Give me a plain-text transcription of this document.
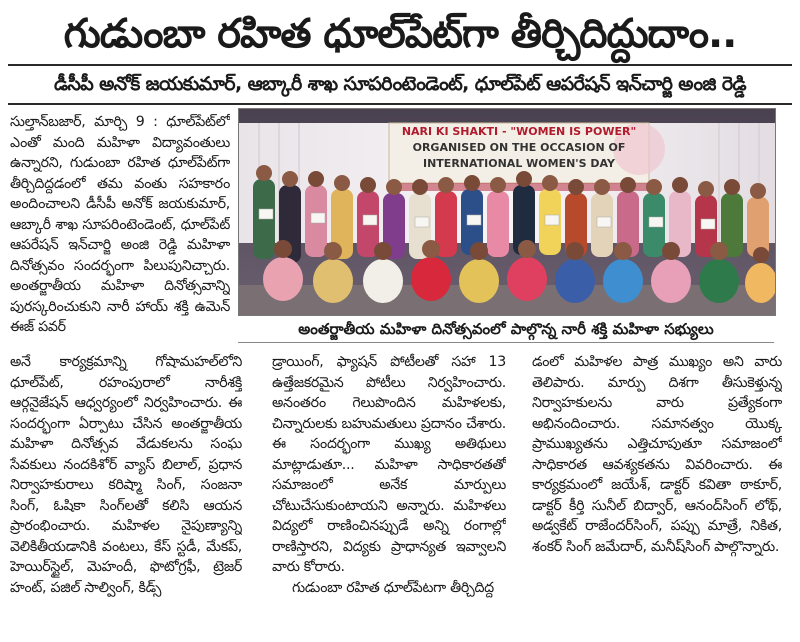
గుడుంబా రహిత ధూల్‌పేట్‌గా తీర్చిదిద్దుదాం..
డీసీపీ అనోక్ జయకుమార్, ఆబ్కారీ శాఖ సూపరింటెండెంట్, ధూల్‌పేట్ ఆపరేషన్ ఇన్‌చార్జి అంజి రెడ్డి

సుల్తాన్‌బజార్, మార్చి 9 : ధూల్‌పేట్‌లో ఎంతో మంది మహిళా విద్యావంతులు ఉన్నారని, గుడుంబా రహిత ధూల్‌పేట్‌గా తీర్చిదిద్దడంలో తమ వంతు సహకారం అందించాలని డీసీపీ అనోక్ జయకుమార్, ఆబ్కారీ శాఖ సూపరింటెండెంట్, ధూల్‌పేట్ ఆపరేషన్ ఇన్‌చార్జి అంజి రెడ్డి మహిళా దినోత్సవం సందర్భంగా పిలుపునిచ్చారు. అంతర్జాతీయ మహిళా దినోత్సవాన్ని పురస్కరించుకుని నారీ హాయ్ శక్తి ఉమెన్ ఈజ్ పవర్

NARI KI SHAKTI - "WOMEN IS POWER"
ORGANISED ON THE OCCASION OF
INTERNATIONAL WOMEN'S DAY
అంతర్జాతీయ మహిళా దినోత్సవంలో పాల్గొన్న నారీ శక్తి మహిళా సభ్యులు

అనే కార్యక్రమాన్ని గోషామహల్‌లోని ధూల్‌పేట్, రహంపురాలో నారీశక్తి ఆర్గనైజేషన్ ఆధ్వర్యంలో నిర్వహించారు. ఈ సందర్భంగా ఏర్పాటు చేసిన అంతర్జాతీయ మహిళా దినోత్సవ వేడుకలను సంఘ సేవకులు నందకిశోర్ వ్యాస్ బిలాల్, ప్రధాన నిర్వాహకురాలు కరిష్మా సింగ్, సంజనా సింగ్, ఓషికా సింగ్‌లతో కలిసి ఆయన ప్రారంభించారు. మహిళల నైపుణ్యాన్ని వెలికితీయడానికి వంటలు, కేస్ స్టడీ, మేకప్, హెయిర్‌స్టైల్, మెహందీ, ఫొటోగ్రఫీ, ట్రెజర్ హంట్, పజిల్ సాల్వింగ్, కిడ్స్

డ్రాయింగ్, ఫ్యాషన్ పోటీలతో సహా 13 ఉత్తేజకరమైన పోటీలు నిర్వహించారు. అనంతరం గెలుపొందిన మహిళలకు, చిన్నారులకు బహుమతులు ప్రదానం చేశారు. ఈ సందర్భంగా ముఖ్య అతిథులు మాట్లాడుతూ... మహిళా సాధికారతతో సమాజంలో అనేక మార్పులు చోటుచేసుకుంటాయని అన్నారు. మహిళలు విద్యలో రాణించినప్పుడే అన్ని రంగాల్లో రాణిస్తారని, విద్యకు ప్రాధాన్యత ఇవ్వాలని వారు కోరారు.

గుడుంబా రహిత ధూల్‌పేటగా తీర్చిదిద్ద

డంలో మహిళల పాత్ర ముఖ్యం అని వారు తెలిపారు. మార్పు దిశగా తీసుకెళ్తున్న నిర్వాహకులను వారు ప్రత్యేకంగా అభినందించారు. సమానత్వం యొక్క ప్రాముఖ్యతను ఎత్తిచూపుతూ సమాజంలో సాధికారత ఆవశ్యకతను వివరించారు. ఈ కార్యక్రమంలో జయేశ్, డాక్టర్ కవితా ఠాకూర్, డాక్టర్ కీర్తి సునీల్ బిద్వార్, ఆనంద్‌సింగ్ లోథ్, అడ్వకేట్ రాజేందర్‌సింగ్, పప్పు మాత్రే, నికిత, శంకర్ సింగ్ జమేదార్, మనీష్‌సింగ్ పాల్గొన్నారు.
